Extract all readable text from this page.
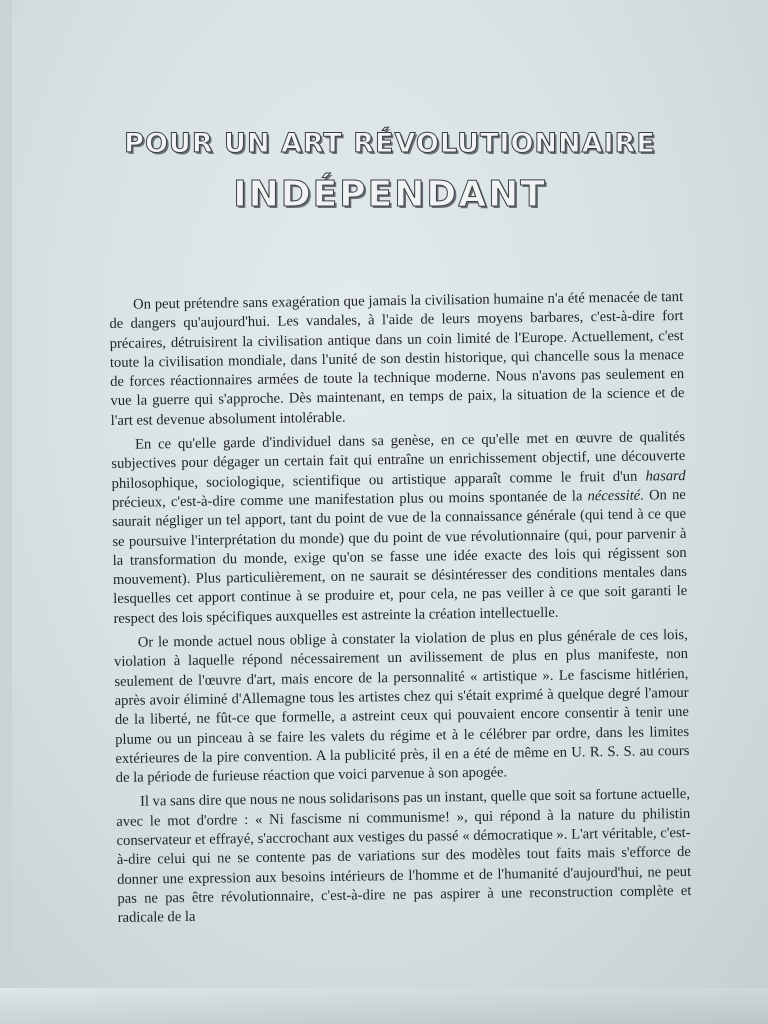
POUR UN ART RÉVOLUTIONNAIRE
INDÉPENDANT

On peut prétendre sans exagération que jamais la civilisation humaine n'a été menacée de tant de dangers qu'aujourd'hui. Les vandales, à l'aide de leurs moyens barbares, c'est-à-dire fort précaires, détruisirent la civilisation antique dans un coin limité de l'Europe. Actuellement, c'est toute la civilisation mondiale, dans l'unité de son destin historique, qui chancelle sous la menace de forces réactionnaires armées de toute la technique moderne. Nous n'avons pas seulement en vue la guerre qui s'approche. Dès maintenant, en temps de paix, la situation de la science et de l'art est devenue absolument intolérable.

En ce qu'elle garde d'individuel dans sa genèse, en ce qu'elle met en œuvre de qualités subjectives pour dégager un certain fait qui entraîne un enrichissement objectif, une découverte philosophique, sociologique, scientifique ou artistique apparaît comme le fruit d'un hasard précieux, c'est-à-dire comme une manifestation plus ou moins spontanée de la nécessité. On ne saurait négliger un tel apport, tant du point de vue de la connaissance générale (qui tend à ce que se poursuive l'interprétation du monde) que du point de vue révolutionnaire (qui, pour parvenir à la transformation du monde, exige qu'on se fasse une idée exacte des lois qui régissent son mouvement). Plus particulièrement, on ne saurait se désintéresser des conditions mentales dans lesquelles cet apport continue à se produire et, pour cela, ne pas veiller à ce que soit garanti le respect des lois spécifiques auxquelles est astreinte la création intellectuelle.

Or le monde actuel nous oblige à constater la violation de plus en plus générale de ces lois, violation à laquelle répond nécessairement un avilissement de plus en plus manifeste, non seulement de l'œuvre d'art, mais encore de la personnalité « artistique ». Le fascisme hitlérien, après avoir éliminé d'Allemagne tous les artistes chez qui s'était exprimé à quelque degré l'amour de la liberté, ne fût-ce que formelle, a astreint ceux qui pouvaient encore consentir à tenir une plume ou un pinceau à se faire les valets du régime et à le célébrer par ordre, dans les limites extérieures de la pire convention. A la publicité près, il en a été de même en U. R. S. S. au cours de la période de furieuse réaction que voici parvenue à son apogée.

Il va sans dire que nous ne nous solidarisons pas un instant, quelle que soit sa fortune actuelle, avec le mot d'ordre : « Ni fascisme ni communisme! », qui répond à la nature du philistin conservateur et effrayé, s'accrochant aux vestiges du passé « démocratique ». L'art véritable, c'est-à-dire celui qui ne se contente pas de variations sur des modèles tout faits mais s'efforce de donner une expression aux besoins intérieurs de l'homme et de l'humanité d'aujourd'hui, ne peut pas ne pas être révolutionnaire, c'est-à-dire ne pas aspirer à une reconstruction complète et radicale de la
